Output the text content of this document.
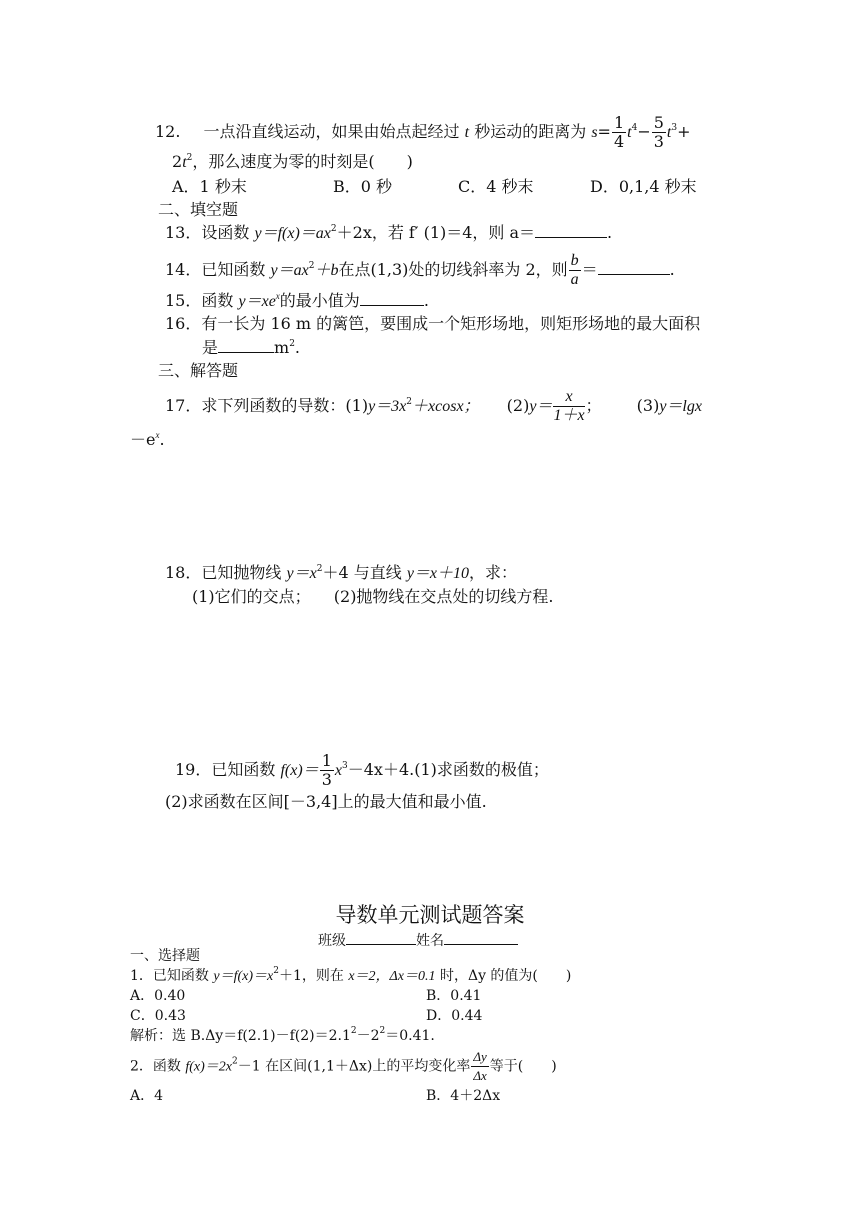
12. 一点沿直线运动，如果由始点起经过 t 秒运动的距离为 $s= \frac{1}{4} t^4- \frac{5}{3} t^3+$
$2t^2$，那么速度为零的时刻是(　　)
A．1 秒末	B．0 秒	C．4 秒末	D．0,1,4 秒末
二、填空题
13．设函数 $y=f(x)=ax^2+2x$，若 f′ (1)＝4，则 a＝	.
14．已知函数 $y=ax^2+b$在点(1,3)处的切线斜率为 2，则 $\frac{b}{a}$ ＝	.
15．函数 $y=xe^x$的最小值为	.
16．有一长为 16 m 的篱笆，要围成一个矩形场地，则矩形场地的最大面积
是	$m^2$.
三、解答题
17．求下列函数的导数：$(1)y=3x^2+xcosx$； $(2)y= \frac{x}{1+x}$ ； (3)y＝lgx
$-e^x$.
18．已知抛物线 $y=x^2+4$ 与直线 y＝x＋10，求：
(1)它们的交点； (2)抛物线在交点处的切线方程.
19．已知函数 $f(x)= \frac{1}{3} x^3-4x+4.(1)$求函数的极值；
(2)求函数在区间[－3,4]上的最大值和最小值.
导数单元测试题答案
班级	姓名
一、选择题
1．已知函数 $y=f(x)=x^2+1$，则在 x＝2，Δx＝0.1 时，Δy 的值为(　　)
A．0.40	B．0.41
C．0.43	D．0.44
解析：选 $B.\Delta y=f(2.1)-f(2)=2.1^2-2^2=0.41$.
2．函数 $f(x)=2x^2-1$ 在区间(1,1＋Δx)上的平均变化率 $\frac{\Delta y}{\Delta x}$ 等于(　　)
A．4	B．4＋2Δx
